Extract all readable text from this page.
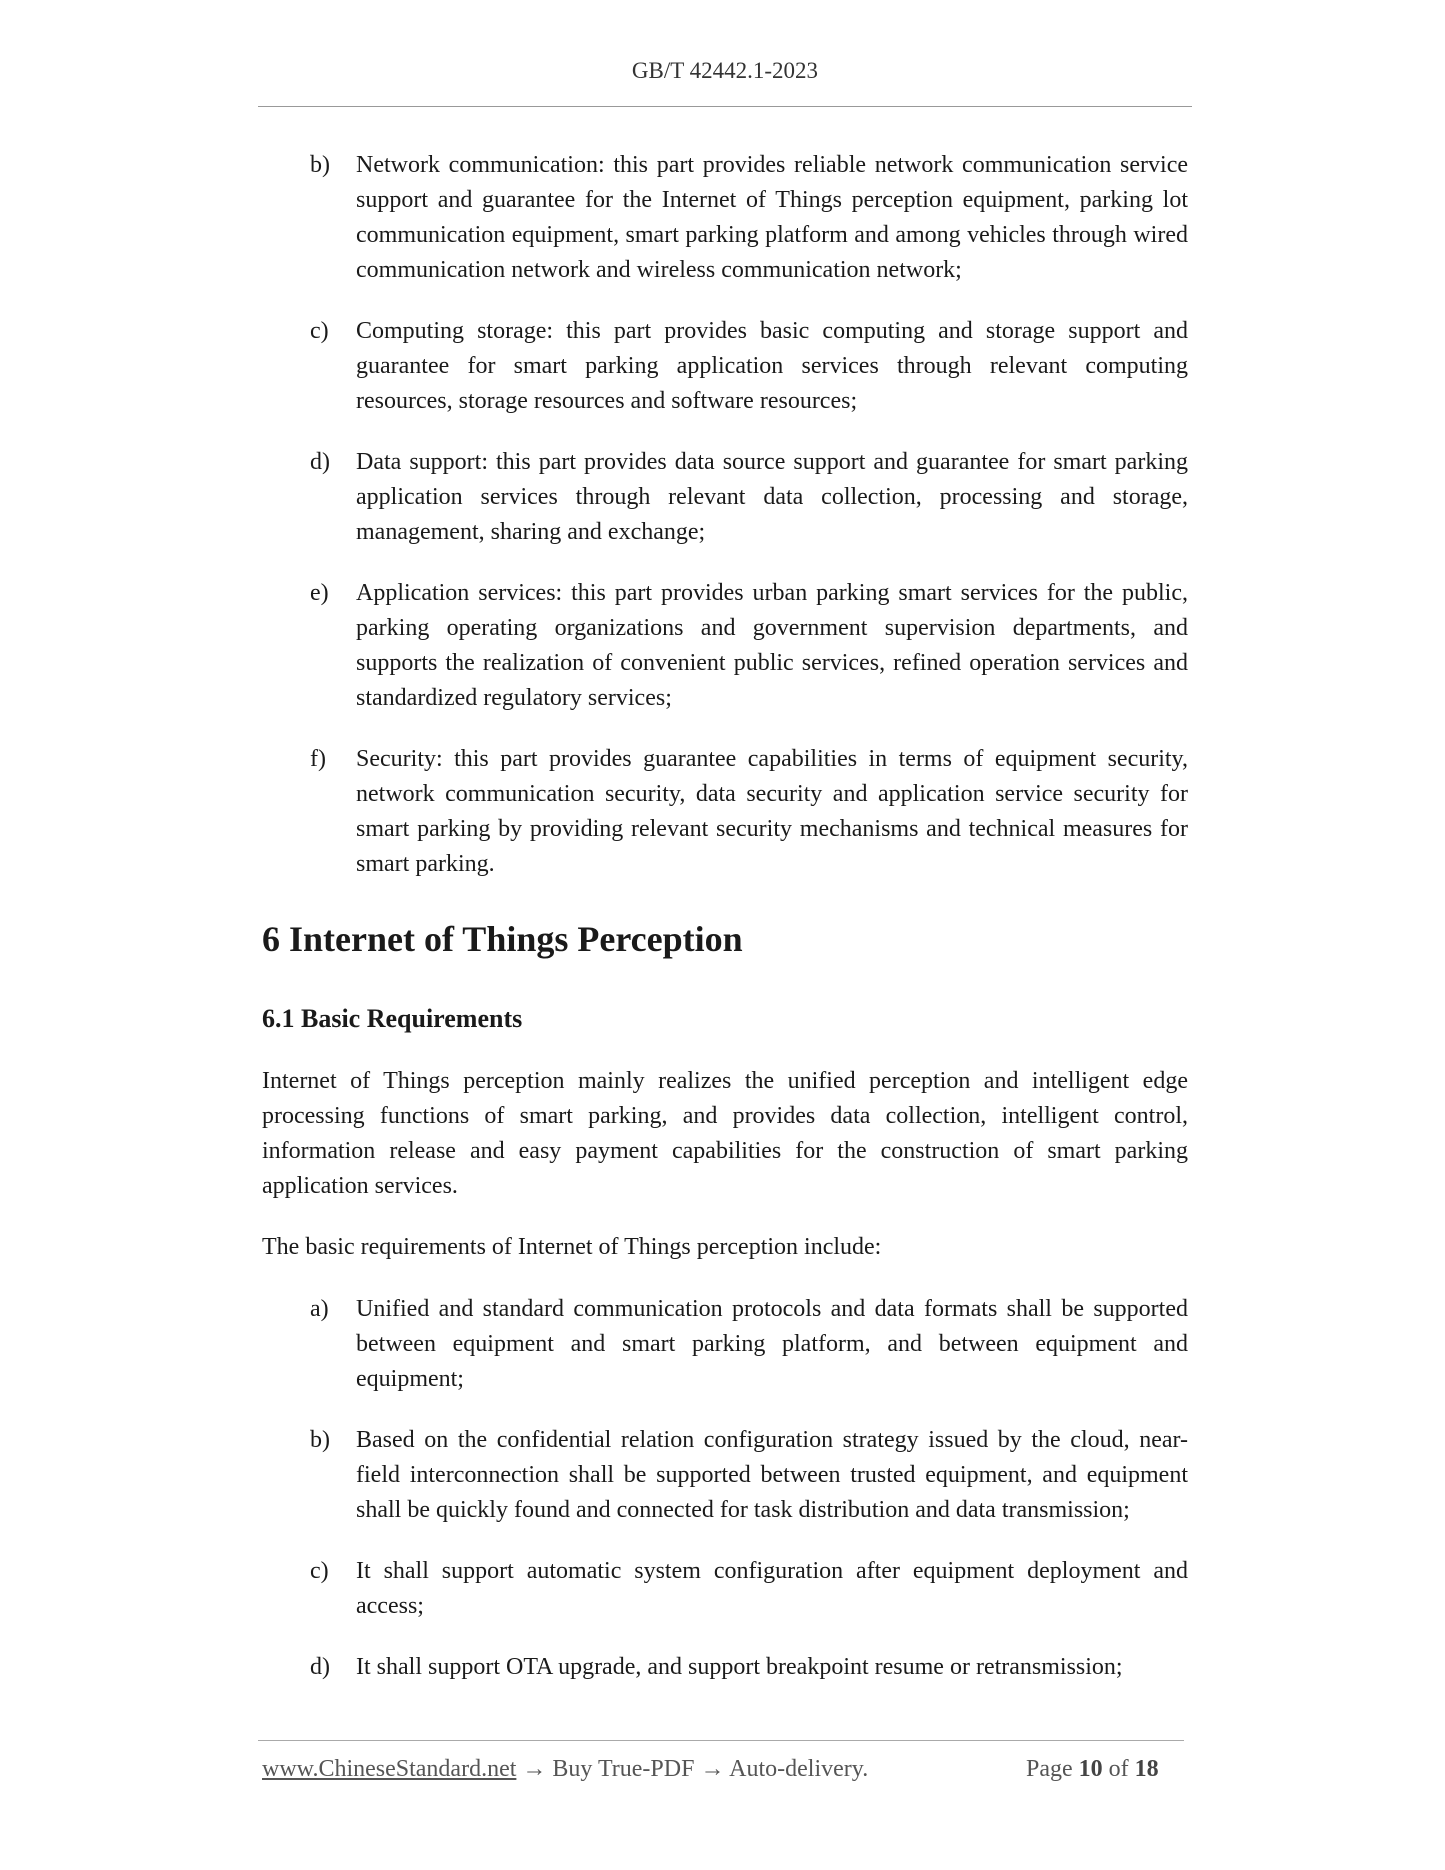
GB/T 42442.1-2023
b)	Network communication: this part provides reliable network communication service support and guarantee for the Internet of Things perception equipment, parking lot communication equipment, smart parking platform and among vehicles through wired communication network and wireless communication network;
c)	Computing storage: this part provides basic computing and storage support and guarantee for smart parking application services through relevant computing resources, storage resources and software resources;
d)	Data support: this part provides data source support and guarantee for smart parking application services through relevant data collection, processing and storage, management, sharing and exchange;
e)	Application services: this part provides urban parking smart services for the public, parking operating organizations and government supervision departments, and supports the realization of convenient public services, refined operation services and standardized regulatory services;
f)	Security: this part provides guarantee capabilities in terms of equipment security, network communication security, data security and application service security for smart parking by providing relevant security mechanisms and technical measures for smart parking.
6 Internet of Things Perception
6.1 Basic Requirements
Internet of Things perception mainly realizes the unified perception and intelligent edge processing functions of smart parking, and provides data collection, intelligent control, information release and easy payment capabilities for the construction of smart parking application services.
The basic requirements of Internet of Things perception include:
a)	Unified and standard communication protocols and data formats shall be supported between equipment and smart parking platform, and between equipment and equipment;
b)	Based on the confidential relation configuration strategy issued by the cloud, near-field interconnection shall be supported between trusted equipment, and equipment shall be quickly found and connected for task distribution and data transmission;
c)	It shall support automatic system configuration after equipment deployment and access;
d)	It shall support OTA upgrade, and support breakpoint resume or retransmission;
www.ChineseStandard.net → Buy True-PDF → Auto-delivery.	Page 10 of 18
